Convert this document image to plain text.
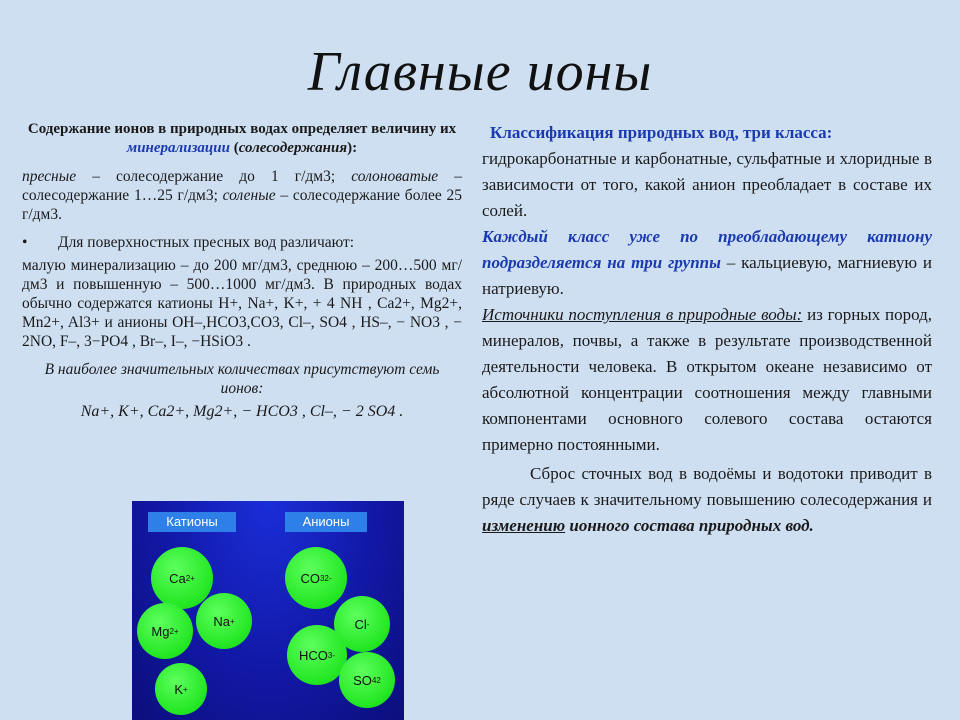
Главные ионы
Содержание ионов в природных водах определяет величину их минерализации (солесодержания):
пресные – солесодержание до 1 г/дм3; солоноватые – солесодержание 1…25 г/дм3; соленые – солесодержание более 25 г/дм3.
• Для поверхностных пресных вод различают:
малую минерализацию – до 200 мг/дм3, среднюю – 200…500 мг/дм3 и повышенную – 500…1000 мг/дм3. В природных водах обычно содержатся катионы H+, Na+, K+, + 4 NH , Ca2+, Mg2+, Mn2+, Al3+ и анионы OH–,HCO3,CO3, Cl–, SO4 , HS–, − NO3 , − 2NO, F–, 3−PO4 , Br–, I–, −HSiO3 .
В наиболее значительных количествах присутствуют семь ионов:
Na+, K+, Ca2+, Mg2+, − HCO3 , Cl–, − 2 SO4 .
Классификация природных вод, три класса:

гидрокарбонатные и карбонатные, сульфатные и хлоридные в зависимости от того, какой анион преобладает в составе их солей.

Каждый класс уже по преобладающему катиону подразделяется на три группы – кальциевую, магниевую и натриевую.

Источники поступления в природные воды: из горных пород, минералов, почвы, а также в результате производственной деятельности человека. В открытом океане независимо от абсолютной концентрации соотношения между главными компонентами основного солевого состава остаются примерно постоянными.

Сброс сточных вод в водоёмы и водотоки приводит в ряде случаев к значительному повышению солесодержания и изменению ионного состава природных вод.

Катионы	Анионы
Ca 2+
Na +
Mg 2+
K +
CO 3 2-
Cl -
HCO 3 -
SO 4 2
